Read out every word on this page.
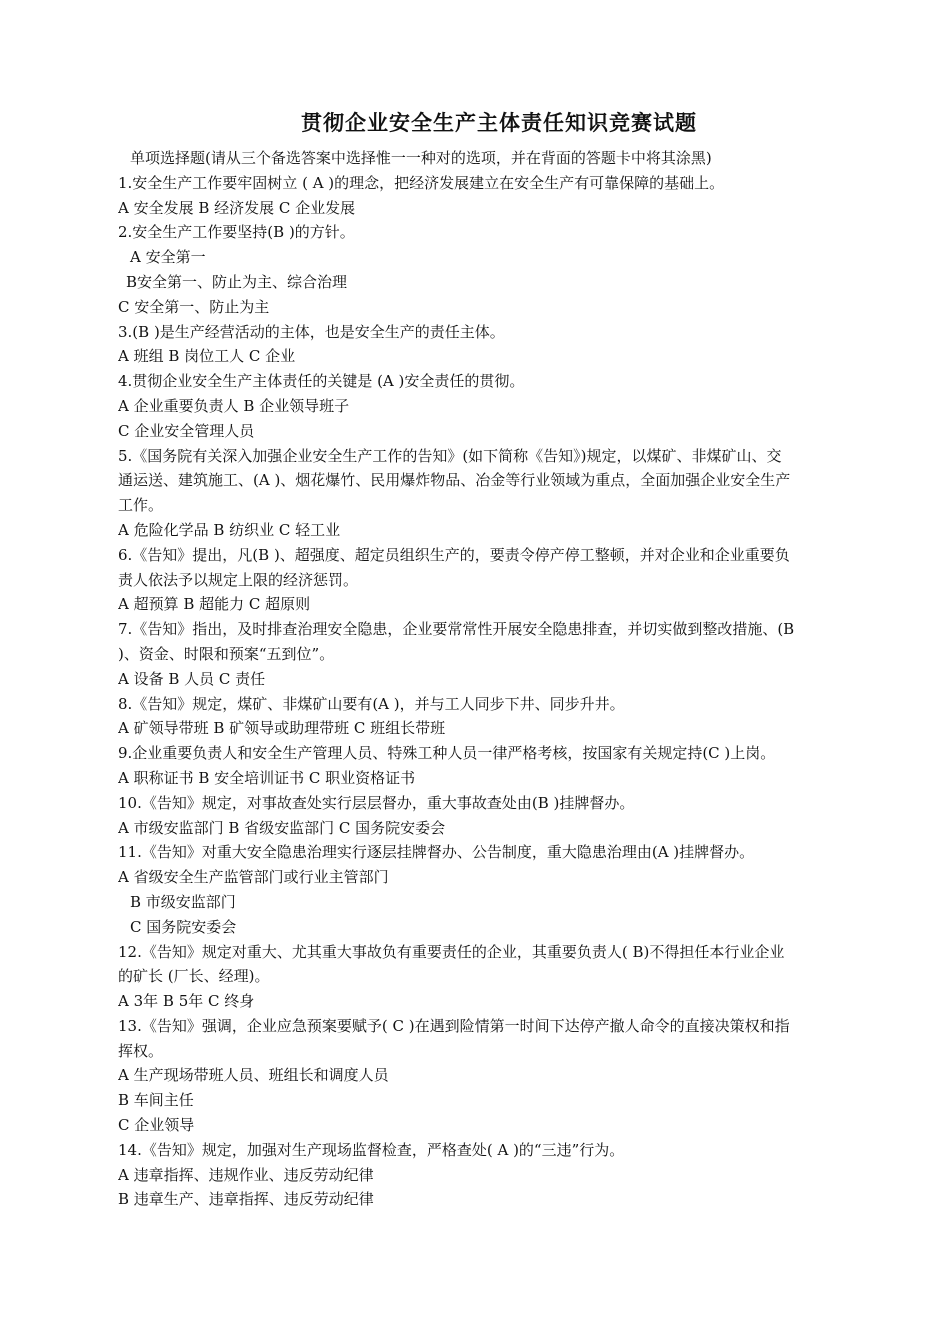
贯彻企业安全生产主体责任知识竞赛试题
单项选择题(请从三个备选答案中选择惟一一种对的选项，并在背面的答题卡中将其涂黑)
1.安全生产工作要牢固树立 ( A )的理念，把经济发展建立在安全生产有可靠保障的基础上。
A 安全发展 B 经济发展 C 企业发展
2.安全生产工作要坚持(B )的方针。
A 安全第一
B安全第一、防止为主、综合治理
C 安全第一、防止为主
3.(B )是生产经营活动的主体，也是安全生产的责任主体。
A 班组 B 岗位工人 C 企业
4.贯彻企业安全生产主体责任的关键是 (A )安全责任的贯彻。
A 企业重要负责人 B 企业领导班子
C 企业安全管理人员
5.《国务院有关深入加强企业安全生产工作的告知》(如下简称《告知》)规定，以煤矿、非煤矿山、交
通运送、建筑施工、(A )、烟花爆竹、民用爆炸物品、冶金等行业领域为重点，全面加强企业安全生产
工作。
A 危险化学品 B 纺织业 C 轻工业
6.《告知》提出，凡(B )、超强度、超定员组织生产的，要责令停产停工整顿，并对企业和企业重要负
责人依法予以规定上限的经济惩罚。
A 超预算 B 超能力 C 超原则
7.《告知》指出，及时排查治理安全隐患，企业要常常性开展安全隐患排查，并切实做到整改措施、(B
)、资金、时限和预案“五到位”。
A 设备 B 人员 C 责任
8.《告知》规定，煤矿、非煤矿山要有(A )，并与工人同步下井、同步升井。
A 矿领导带班 B 矿领导或助理带班 C 班组长带班
9.企业重要负责人和安全生产管理人员、特殊工种人员一律严格考核，按国家有关规定持(C )上岗。
A 职称证书 B 安全培训证书 C 职业资格证书
10.《告知》规定，对事故查处实行层层督办，重大事故查处由(B )挂牌督办。
A 市级安监部门 B 省级安监部门 C 国务院安委会
11.《告知》对重大安全隐患治理实行逐层挂牌督办、公告制度，重大隐患治理由(A )挂牌督办。
A 省级安全生产监管部门或行业主管部门
B 市级安监部门
C 国务院安委会
12.《告知》规定对重大、尤其重大事故负有重要责任的企业，其重要负责人( B)不得担任本行业企业
的矿长 (厂长、经理)。
A 3年 B 5年 C 终身
13.《告知》强调，企业应急预案要赋予( C )在遇到险情第一时间下达停产撤人命令的直接决策权和指
挥权。
A 生产现场带班人员、班组长和调度人员
B 车间主任
C 企业领导
14.《告知》规定，加强对生产现场监督检查，严格查处( A )的“三违”行为。
A 违章指挥、违规作业、违反劳动纪律
B 违章生产、违章指挥、违反劳动纪律
